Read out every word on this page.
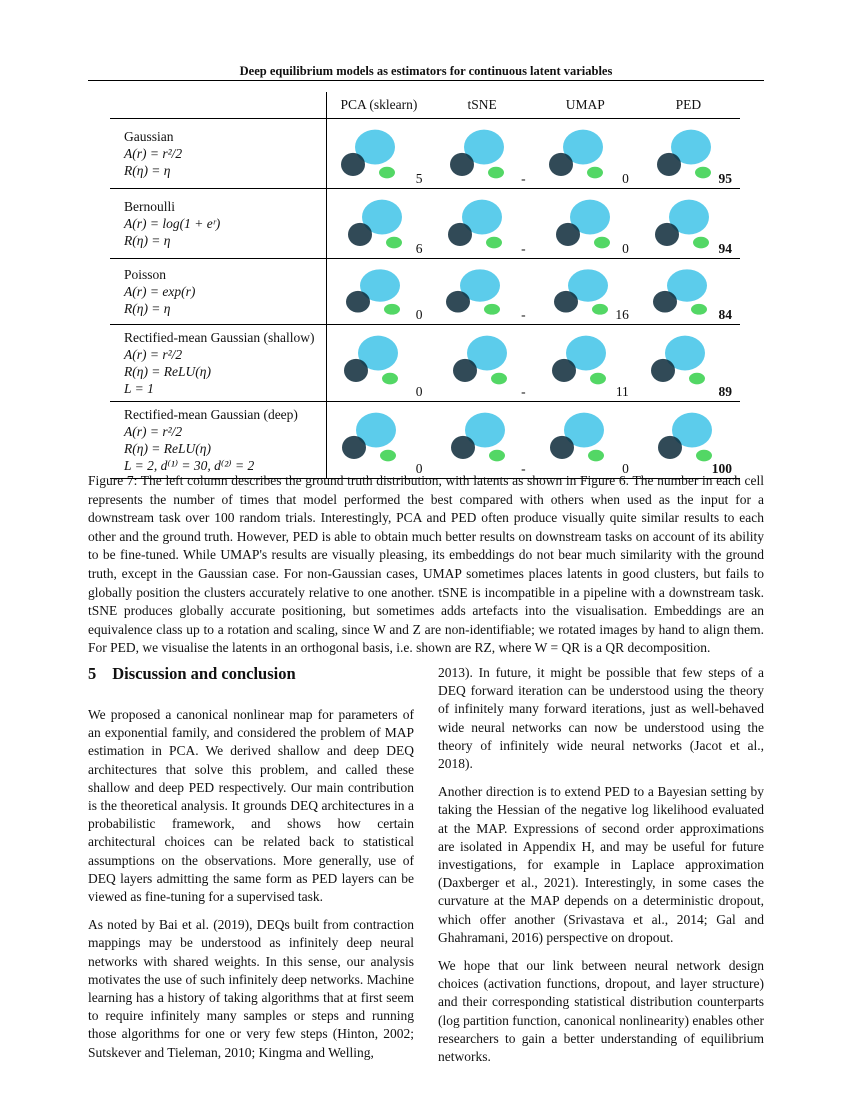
Deep equilibrium models as estimators for continuous latent variables
	PCA (sklearn)	tSNE	UMAP	PED

Gaussian
A(r) = r²/2
R(η) = η	5	-	0	95

Bernoulli
A(r) = log(1 + eʳ)
R(η) = η	6	-	0	94

Poisson
A(r) = exp(r)
R(η) = η	0	-	16	84

Rectified-mean Gaussian (shallow)
A(r) = r²/2
R(η) = ReLU(η)
L = 1	0	-	11	89

Rectified-mean Gaussian (deep)
A(r) = r²/2
R(η) = ReLU(η)
L = 2, d⁽¹⁾ = 30, d⁽²⁾ = 2	0	-	0	100
Figure 7: The left column describes the ground truth distribution, with latents as shown in Figure 6. The number in each cell represents the number of times that model performed the best compared with others when used as the input for a downstream task over 100 random trials. Interestingly, PCA and PED often produce visually quite similar results to each other and the ground truth. However, PED is able to obtain much better results on downstream tasks on account of its ability to be fine-tuned. While UMAP's results are visually pleasing, its embeddings do not bear much similarity with the ground truth, except in the Gaussian case. For non-Gaussian cases, UMAP sometimes places latents in good clusters, but fails to globally position the clusters accurately relative to one another. tSNE is incompatible in a pipeline with a downstream task. tSNE produces globally accurate positioning, but sometimes adds artefacts into the visualisation. Embeddings are an equivalence class up to a rotation and scaling, since W and Z are non-identifiable; we rotated images by hand to align them. For PED, we visualise the latents in an orthogonal basis, i.e. shown are RZ, where W = QR is a QR decomposition.
5 Discussion and conclusion

We proposed a canonical nonlinear map for parameters of an exponential family, and considered the problem of MAP estimation in PCA. We derived shallow and deep DEQ architectures that solve this problem, and called these shallow and deep PED respectively. Our main contribution is the theoretical analysis. It grounds DEQ architectures in a probabilistic framework, and shows how certain architectural choices can be related back to statistical assumptions on the observations. More generally, use of DEQ layers admitting the same form as PED layers can be viewed as fine-tuning for a supervised task.

As noted by Bai et al. (2019), DEQs built from contraction mappings may be understood as infinitely deep neural networks with shared weights. In this sense, our analysis motivates the use of such infinitely deep networks. Machine learning has a history of taking algorithms that at first seem to require infinitely many samples or steps and running those algorithms for one or very few steps (Hinton, 2002; Sutskever and Tieleman, 2010; Kingma and Welling,

2013). In future, it might be possible that few steps of a DEQ forward iteration can be understood using the theory of infinitely many forward iterations, just as well-behaved wide neural networks can now be understood using the theory of infinitely wide neural networks (Jacot et al., 2018).

Another direction is to extend PED to a Bayesian setting by taking the Hessian of the negative log likelihood evaluated at the MAP. Expressions of second order approximations are isolated in Appendix H, and may be useful for future investigations, for example in Laplace approximation (Daxberger et al., 2021). Interestingly, in some cases the curvature at the MAP depends on a deterministic dropout, which offer another (Srivastava et al., 2014; Gal and Ghahramani, 2016) perspective on dropout.

We hope that our link between neural network design choices (activation functions, dropout, and layer structure) and their corresponding statistical distribution counterparts (log partition function, canonical nonlinearity) enables other researchers to gain a better understanding of equilibrium networks.
